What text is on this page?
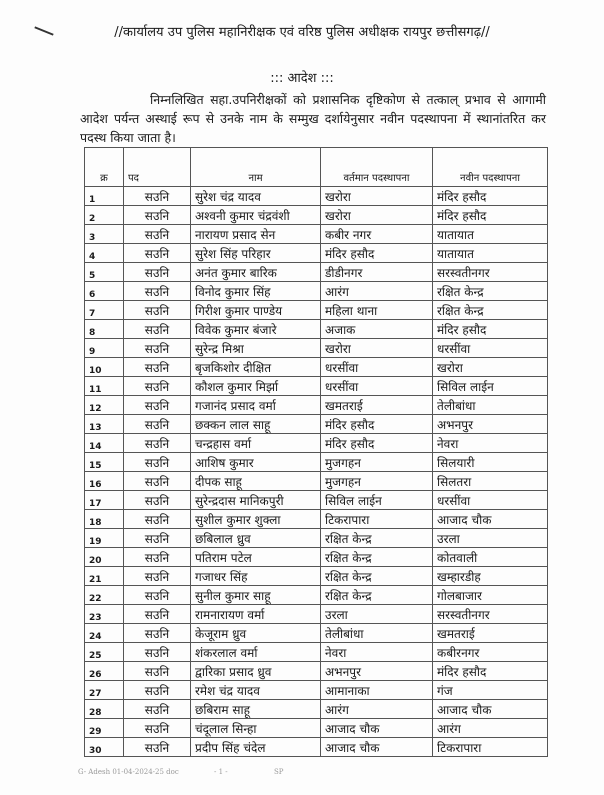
//कार्यालय उप पुलिस महानिरीक्षक एवं वरिष्ठ पुलिस अधीक्षक रायपुर छत्तीसगढ़//
::: आदेश :::
निम्नलिखित सहा.उपनिरीक्षकों को प्रशासनिक दृष्टिकोण से तत्काल् प्रभाव से आगामी आदेश पर्यन्त अस्थाई रूप से उनके नाम के सम्मुख दर्शायेनुसार नवीन पदस्थापना में स्थानांतरित कर पदस्थ किया जाता है।
क्र	पद	नाम	वर्तमान पदस्थापना	नवीन पदस्थापना
1	सउनि	सुरेश चंद्र यादव	खरोरा	मंदिर हसौद
2	सउनि	अश्वनी कुमार चंद्रवंशी	खरोरा	मंदिर हसौद
3	सउनि	नारायण प्रसाद सेन	कबीर नगर	यातायात
4	सउनि	सुरेश सिंह परिहार	मंदिर हसौद	यातायात
5	सउनि	अनंत कुमार बारिक	डीडीनगर	सरस्वतीनगर
6	सउनि	विनोद कुमार सिंह	आरंग	रक्षित केन्द्र
7	सउनि	गिरीश कुमार पाण्डेय	महिला थाना	रक्षित केन्द्र
8	सउनि	विवेक कुमार बंजारे	अजाक	मंदिर हसौद
9	सउनि	सुरेन्द्र मिश्रा	खरोरा	धरसींवा
10	सउनि	बृजकिशोर दीक्षित	धरसींवा	खरोरा
11	सउनि	कौशल कुमार मिर्झा	धरसींवा	सिविल लाईन
12	सउनि	गजानंद प्रसाद वर्मा	खमतराई	तेलीबांधा
13	सउनि	छक्कन लाल साहू	मंदिर हसौद	अभनपुर
14	सउनि	चन्द्रहास वर्मा	मंदिर हसौद	नेवरा
15	सउनि	आशिष कुमार	मुजगहन	सिलयारी
16	सउनि	दीपक साहू	मुजगहन	सिलतरा
17	सउनि	सुरेन्द्रदास मानिकपुरी	सिविल लाईन	धरसींवा
18	सउनि	सुशील कुमार शुक्ला	टिकरापारा	आजाद चौक
19	सउनि	छबिलाल ध्रुव	रक्षित केन्द्र	उरला
20	सउनि	पतिराम पटेल	रक्षित केन्द्र	कोतवाली
21	सउनि	गजाधर सिंह	रक्षित केन्द्र	खम्हारडीह
22	सउनि	सुनील कुमार साहू	रक्षित केन्द्र	गोलबाजार
23	सउनि	रामनारायण वर्मा	उरला	सरस्वतीनगर
24	सउनि	केजूराम ध्रुव	तेलीबांधा	खमतराई
25	सउनि	शंकरलाल वर्मा	नेवरा	कबीरनगर
26	सउनि	द्वारिका प्रसाद ध्रुव	अभनपुर	मंदिर हसौद
27	सउनि	रमेश चंद्र यादव	आमानाका	गंज
28	सउनि	छबिराम साहू	आरंग	आजाद चौक
29	सउनि	चंदूलाल सिन्हा	आजाद चौक	आरंग
30	सउनि	प्रदीप सिंह चंदेल	आजाद चौक	टिकरापारा
G- Adesh 01-04-2024-25 doc	- 1 -	SP
